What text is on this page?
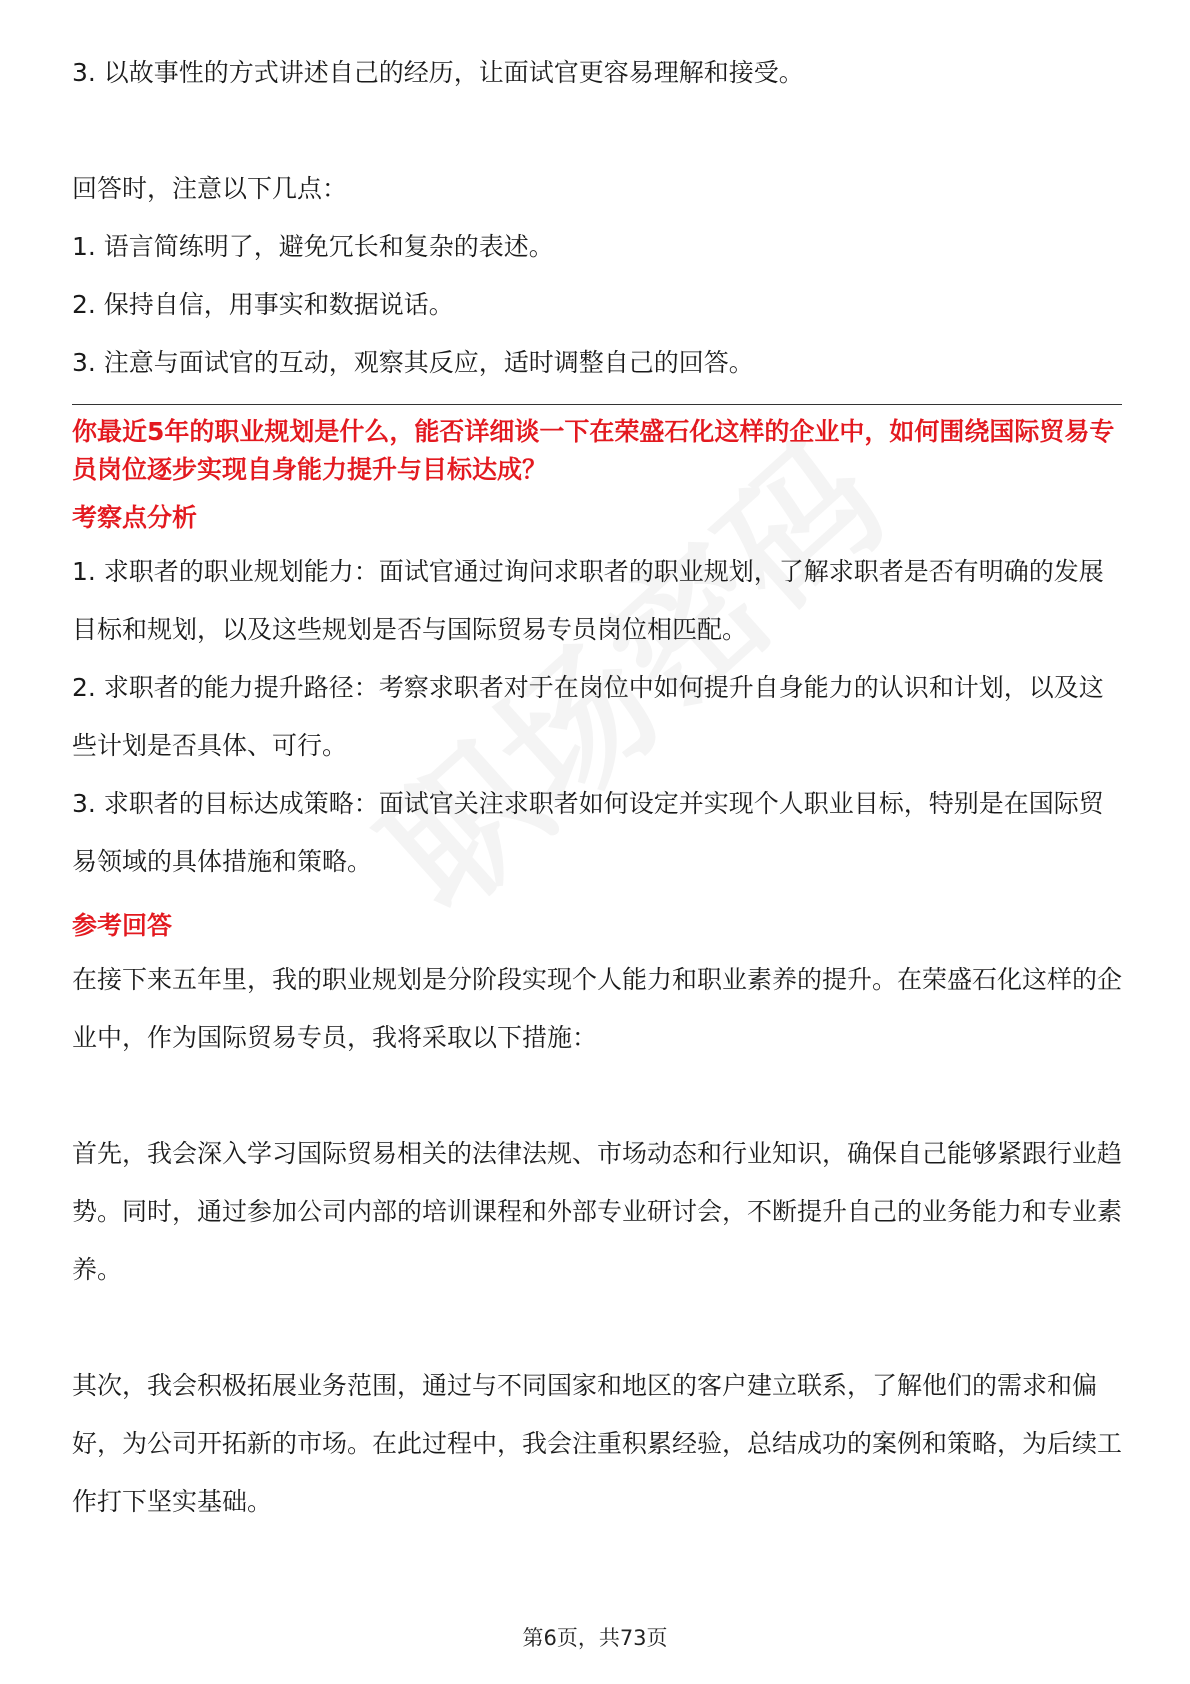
3. 以故事性的方式讲述自己的经历，让面试官更容易理解和接受。

回答时，注意以下几点：

1. 语言简练明了，避免冗长和复杂的表述。

2. 保持自信，用事实和数据说话。

3. 注意与面试官的互动，观察其反应，适时调整自己的回答。

你最近5年的职业规划是什么，能否详细谈一下在荣盛石化这样的企业中，如何围绕国际贸易专员岗位逐步实现自身能力提升与目标达成？

考察点分析

1. 求职者的职业规划能力：面试官通过询问求职者的职业规划，了解求职者是否有明确的发展目标和规划，以及这些规划是否与国际贸易专员岗位相匹配。

2. 求职者的能力提升路径：考察求职者对于在岗位中如何提升自身能力的认识和计划，以及这些计划是否具体、可行。

3. 求职者的目标达成策略：面试官关注求职者如何设定并实现个人职业目标，特别是在国际贸易领域的具体措施和策略。

参考回答

在接下来五年里，我的职业规划是分阶段实现个人能力和职业素养的提升。在荣盛石化这样的企业中，作为国际贸易专员，我将采取以下措施：

首先，我会深入学习国际贸易相关的法律法规、市场动态和行业知识，确保自己能够紧跟行业趋势。同时，通过参加公司内部的培训课程和外部专业研讨会，不断提升自己的业务能力和专业素养。

其次，我会积极拓展业务范围，通过与不同国家和地区的客户建立联系，了解他们的需求和偏好，为公司开拓新的市场。在此过程中，我会注重积累经验，总结成功的案例和策略，为后续工作打下坚实基础。

第6页，共73页
